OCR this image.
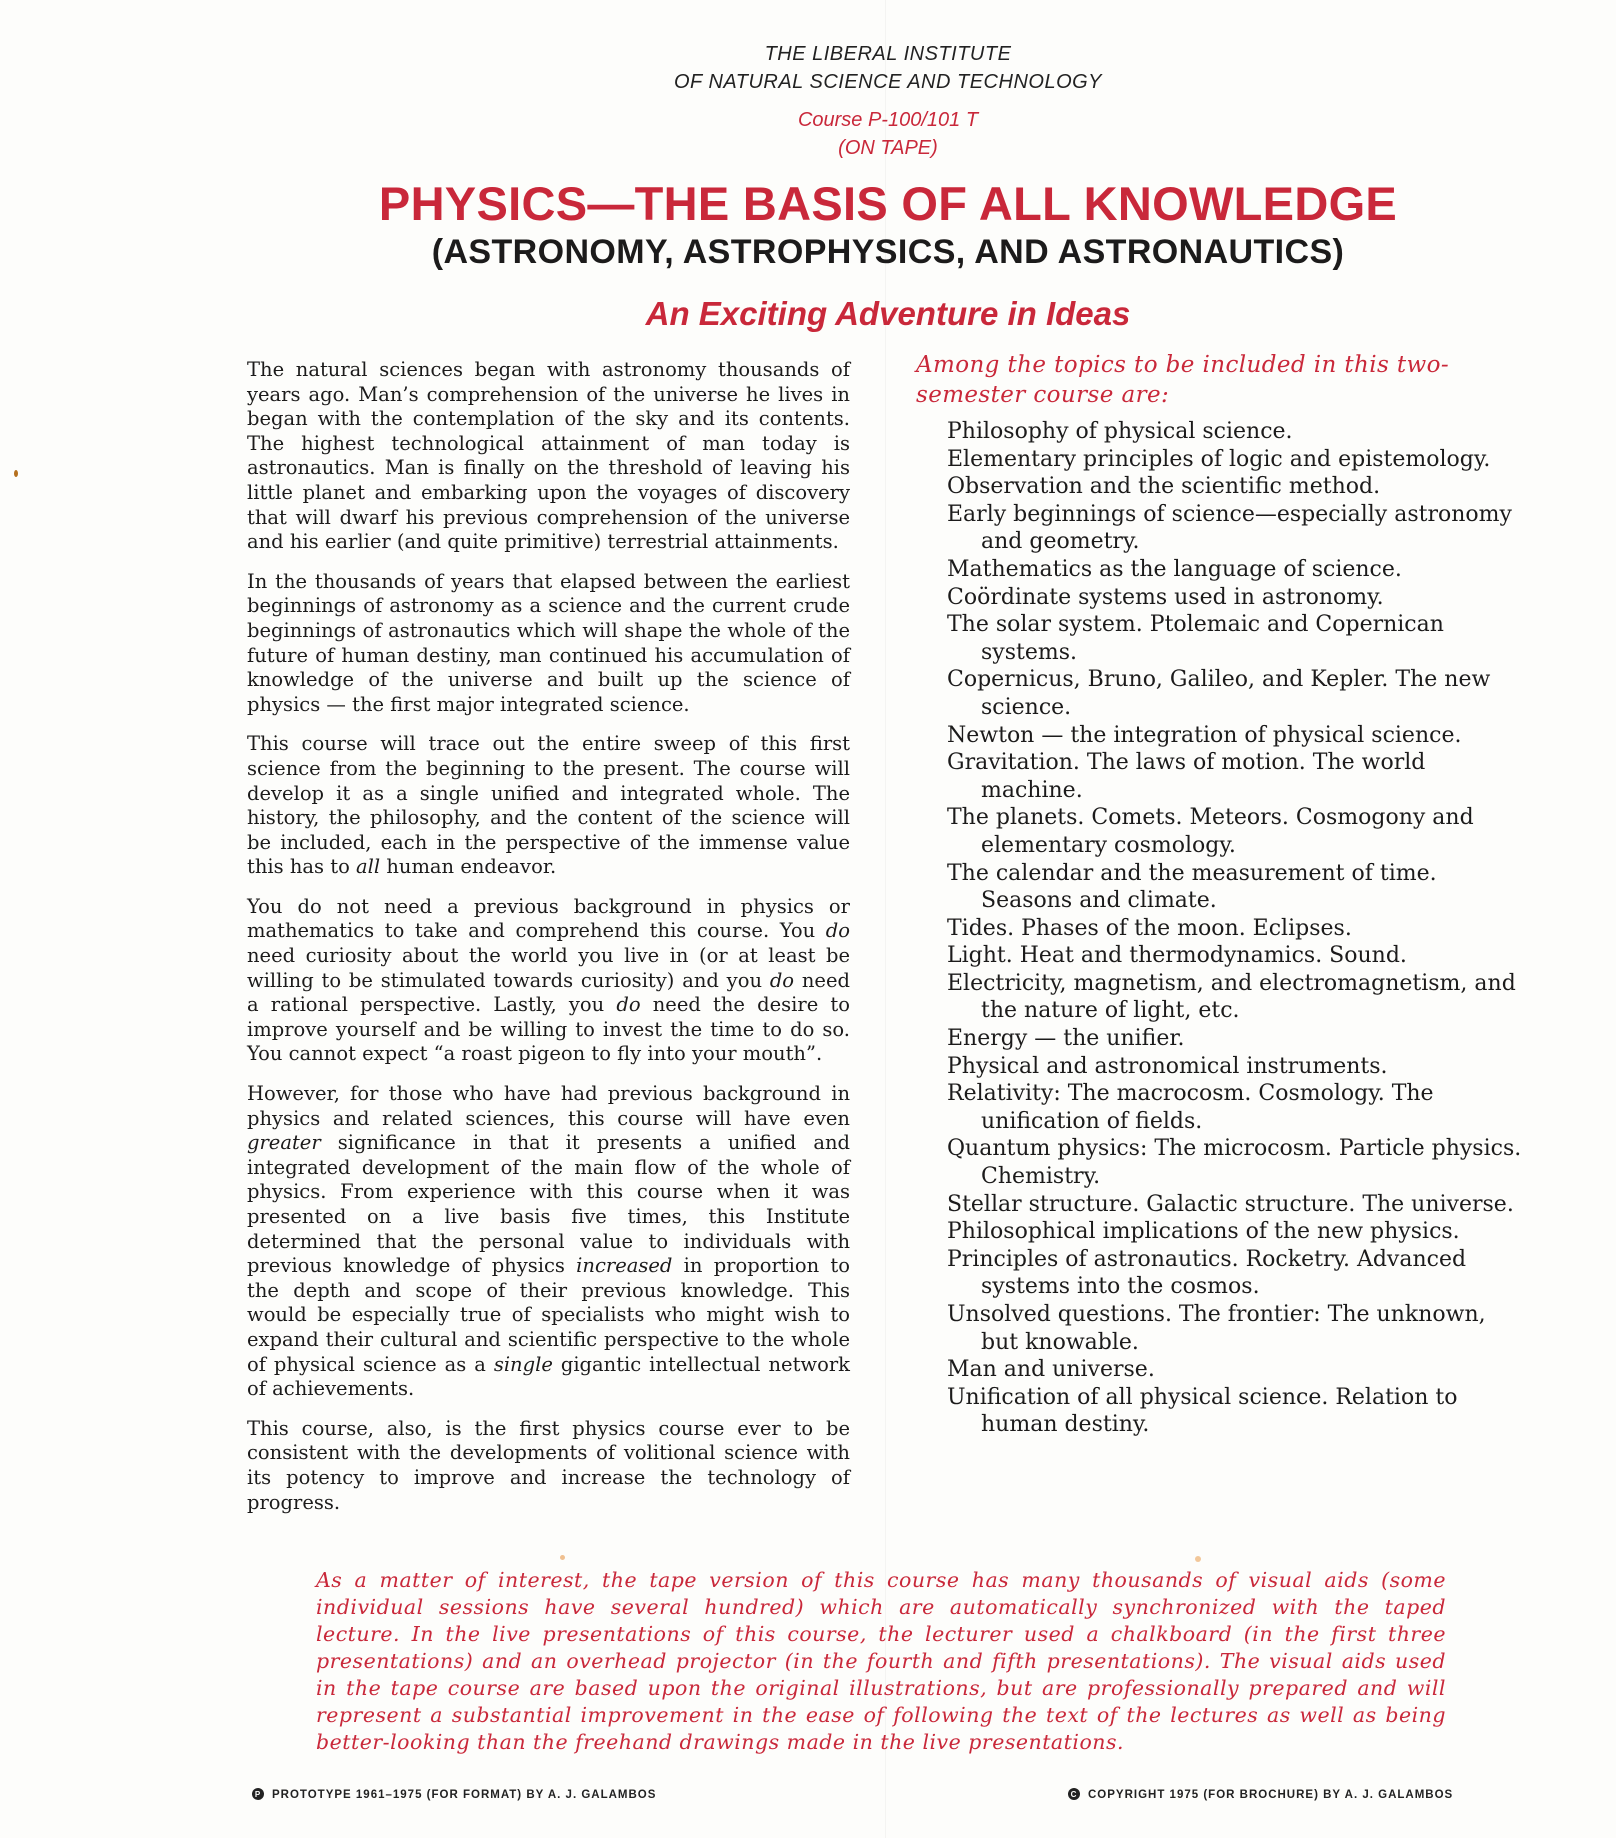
THE LIBERAL INSTITUTE
OF NATURAL SCIENCE AND TECHNOLOGY
Course P-100/101 T
(ON TAPE)
PHYSICS—THE BASIS OF ALL KNOWLEDGE
(ASTRONOMY, ASTROPHYSICS, AND ASTRONAUTICS)
An Exciting Adventure in Ideas

The natural sciences began with astronomy thousands of years ago. Man’s comprehension of the universe he lives in began with the contemplation of the sky and its contents. The highest technological attainment of man today is astronautics. Man is finally on the threshold of leaving his little planet and embarking upon the voyages of discovery that will dwarf his previous comprehension of the universe and his earlier (and quite primitive) terrestrial attainments.

In the thousands of years that elapsed between the earliest beginnings of astronomy as a science and the current crude beginnings of astronautics which will shape the whole of the future of human destiny, man continued his accumulation of knowledge of the universe and built up the science of physics — the first major integrated science.

This course will trace out the entire sweep of this first science from the beginning to the present. The course will develop it as a single unified and integrated whole. The history, the philosophy, and the content of the science will be included, each in the perspective of the immense value this has to all human endeavor.

You do not need a previous background in physics or mathematics to take and comprehend this course. You do need curiosity about the world you live in (or at least be willing to be stimulated towards curiosity) and you do need a rational perspective. Lastly, you do need the desire to improve yourself and be willing to invest the time to do so. You cannot expect “a roast pigeon to fly into your mouth”.

However, for those who have had previous background in physics and related sciences, this course will have even greater significance in that it presents a unified and integrated development of the main flow of the whole of physics. From experience with this course when it was presented on a live basis five times, this Institute determined that the personal value to individuals with previous knowledge of physics increased in proportion to the depth and scope of their previous knowledge. This would be especially true of specialists who might wish to expand their cultural and scientific perspective to the whole of physical science as a single gigantic intellectual network of achievements.

This course, also, is the first physics course ever to be consistent with the developments of volitional science with its potency to improve and increase the technology of progress.

Among the topics to be included in this two-semester course are:
Philosophy of physical science.
Elementary principles of logic and epistemology.
Observation and the scientific method.
Early beginnings of science—especially astronomy and geometry.
Mathematics as the language of science.
Coördinate systems used in astronomy.
The solar system. Ptolemaic and Copernican systems.
Copernicus, Bruno, Galileo, and Kepler. The new science.
Newton — the integration of physical science.
Gravitation. The laws of motion. The world machine.
The planets. Comets. Meteors. Cosmogony and elementary cosmology.
The calendar and the measurement of time. Seasons and climate.
Tides. Phases of the moon. Eclipses.
Light. Heat and thermodynamics. Sound.
Electricity, magnetism, and electromagnetism, and the nature of light, etc.
Energy — the unifier.
Physical and astronomical instruments.
Relativity: The macrocosm. Cosmology. The unification of fields.
Quantum physics: The microcosm. Particle physics. Chemistry.
Stellar structure. Galactic structure. The universe.
Philosophical implications of the new physics.
Principles of astronautics. Rocketry. Advanced systems into the cosmos.
Unsolved questions. The frontier: The unknown, but knowable.
Man and universe.
Unification of all physical science. Relation to human destiny.
As a matter of interest, the tape version of this course has many thousands of visual aids (some individual sessions have several hundred) which are automatically synchronized with the taped lecture. In the live presentations of this course, the lecturer used a chalkboard (in the first three presentations) and an overhead projector (in the fourth and fifth presentations). The visual aids used in the tape course are based upon the original illustrations, but are professionally prepared and will represent a substantial improvement in the ease of following the text of the lectures as well as being better-looking than the freehand drawings made in the live presentations.
P PROTOTYPE 1961–1975 (FOR FORMAT) BY A. J. GALAMBOS	C COPYRIGHT 1975 (FOR BROCHURE) BY A. J. GALAMBOS
